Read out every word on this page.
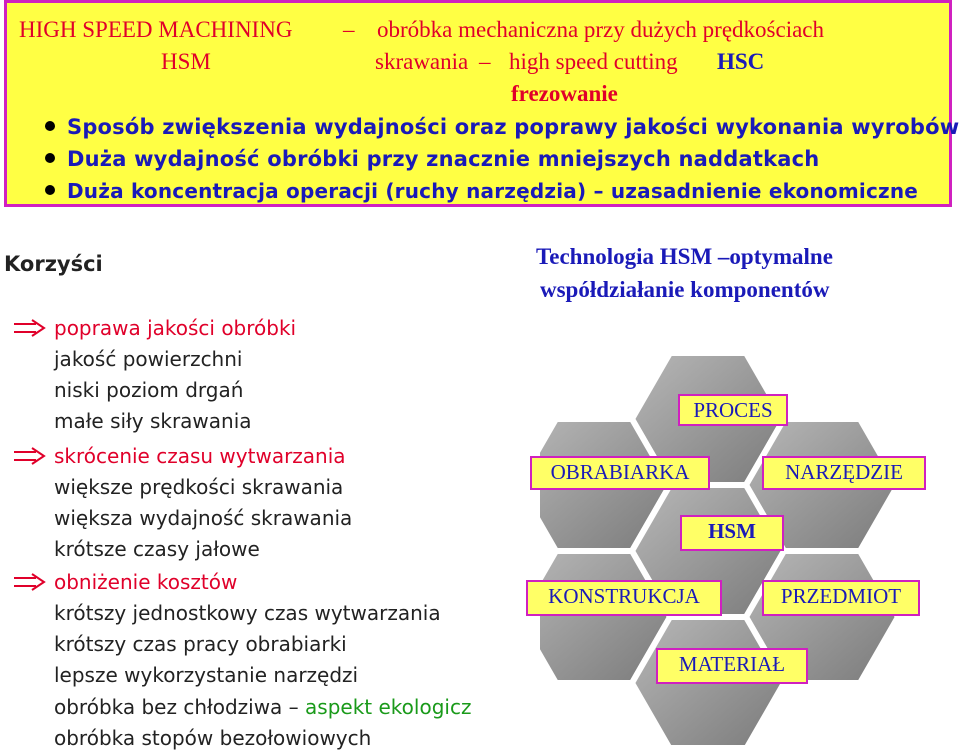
HIGH SPEED MACHINING – obróbka mechaniczna przy dużych prędkościach
HSM	skrawania – high speed cutting HSC
frezowanie
Sposób zwiększenia wydajności oraz poprawy jakości wykonania wyrobów
Duża wydajność obróbki przy znacznie mniejszych naddatkach
Duża koncentracja operacji (ruchy narzędzia) – uzasadnienie ekonomiczne
Korzyści
poprawa jakości obróbki
jakość powierzchni
niski poziom drgań
małe siły skrawania
skrócenie czasu wytwarzania
większe prędkości skrawania
większa wydajność skrawania
krótsze czasy jałowe
obniżenie kosztów
krótszy jednostkowy czas wytwarzania
krótszy czas pracy obrabiarki
lepsze wykorzystanie narzędzi
obróbka bez chłodziwa – aspekt ekologicz
obróbka stopów bezołowiowych
Technologia HSM –optymalne
współdziałanie komponentów
PROCES
OBRABIARKA	NARZĘDZIE
HSM
KONSTRUKCJA	PRZEDMIOT
MATERIAŁ
